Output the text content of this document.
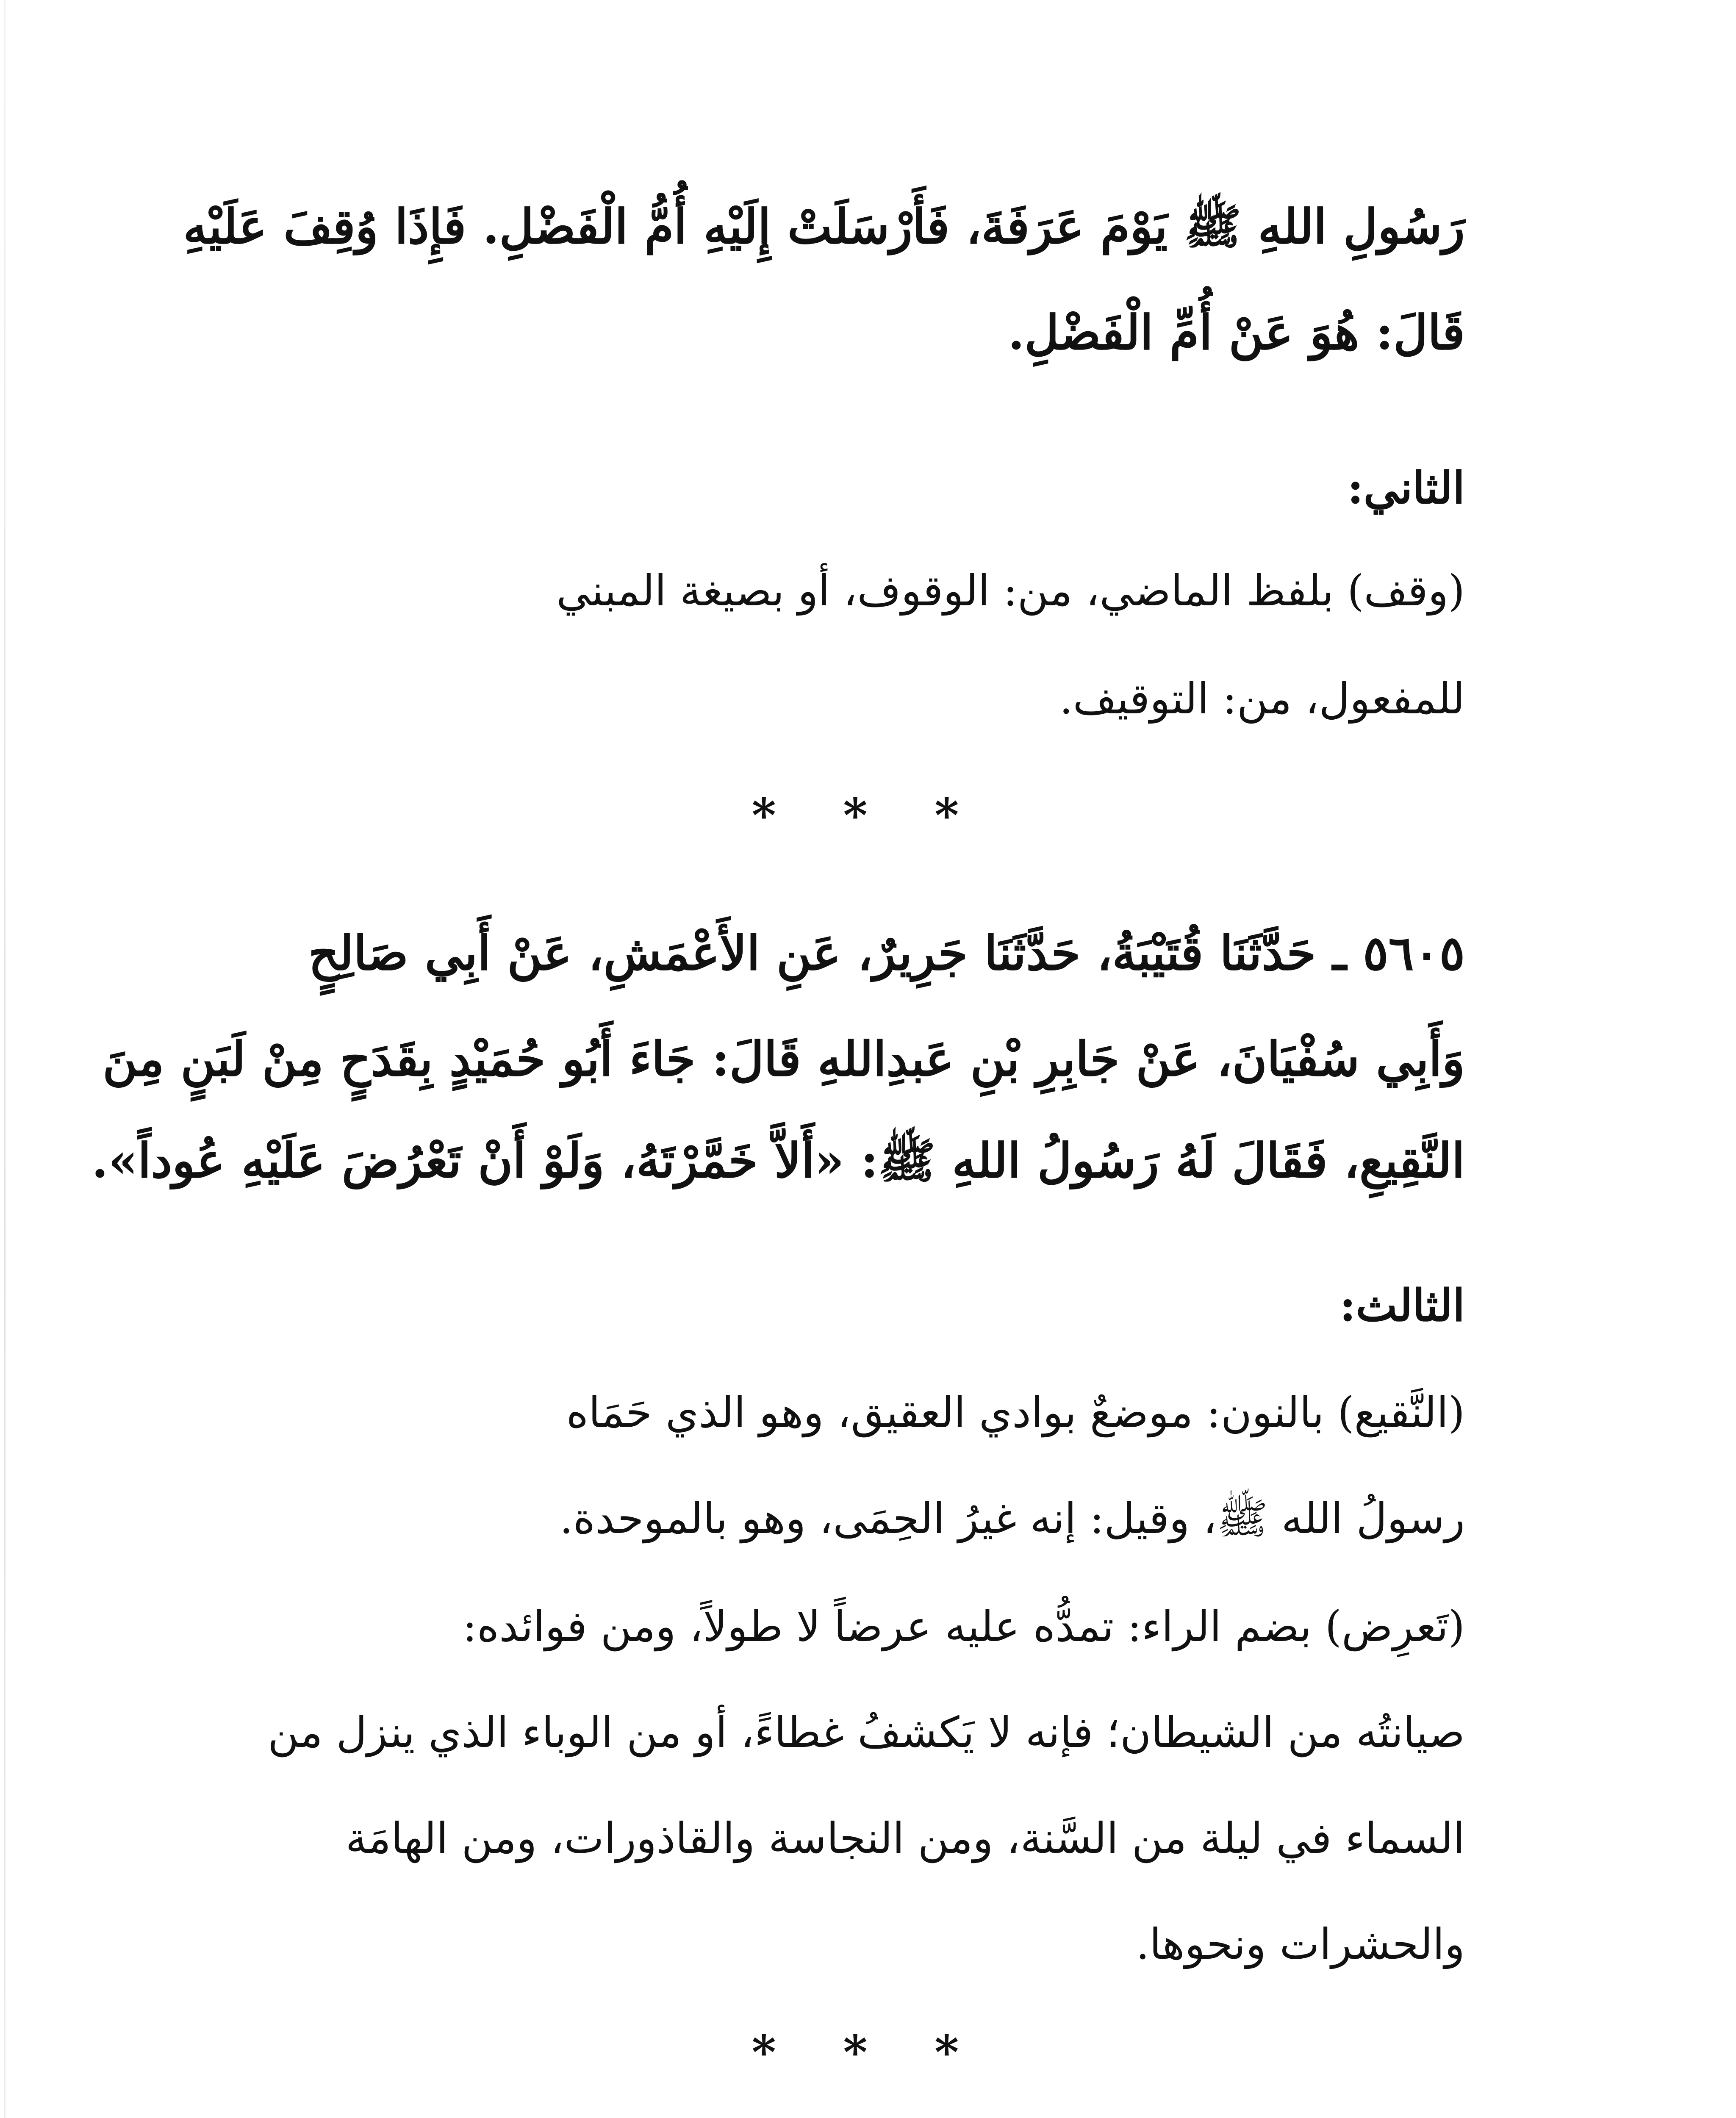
رَسُولِ اللهِ ﷺ يَوْمَ عَرَفَةَ، فَأَرْسَلَتْ إِلَيْهِ أُمُّ الْفَضْلِ. فَإِذَا وُقِفَ عَلَيْهِ
قَالَ: هُوَ عَنْ أُمِّ الْفَضْلِ.
الثاني:
(وقف) بلفظ الماضي، من: الوقوف، أو بصيغة المبني
للمفعول، من: التوقيف.
* * *
٥٦٠٥ ـ حَدَّثَنَا قُتَيْبَةُ، حَدَّثَنَا جَرِيرٌ، عَنِ الأَعْمَشِ، عَنْ أَبِي صَالِحٍ
وَأَبِي سُفْيَانَ، عَنْ جَابِرِ بْنِ عَبدِاللهِ قَالَ: جَاءَ أَبُو حُمَيْدٍ بِقَدَحٍ مِنْ لَبَنٍ مِنَ
النَّقِيعِ، فَقَالَ لَهُ رَسُولُ اللهِ ﷺ: «أَلاَّ خَمَّرْتَهُ، وَلَوْ أَنْ تَعْرُضَ عَلَيْهِ عُوداً».
الثالث:
(النَّقيع) بالنون: موضعٌ بوادي العقيق، وهو الذي حَمَاه
رسولُ الله ﷺ، وقيل: إنه غيرُ الحِمَى، وهو بالموحدة.
(تَعرِض) بضم الراء: تمدُّه عليه عرضاً لا طولاً، ومن فوائده:
صيانتُه من الشيطان؛ فإنه لا يَكشفُ غطاءً، أو من الوباء الذي ينزل من
السماء في ليلة من السَّنة، ومن النجاسة والقاذورات، ومن الهامَة
والحشرات ونحوها.
* * *
